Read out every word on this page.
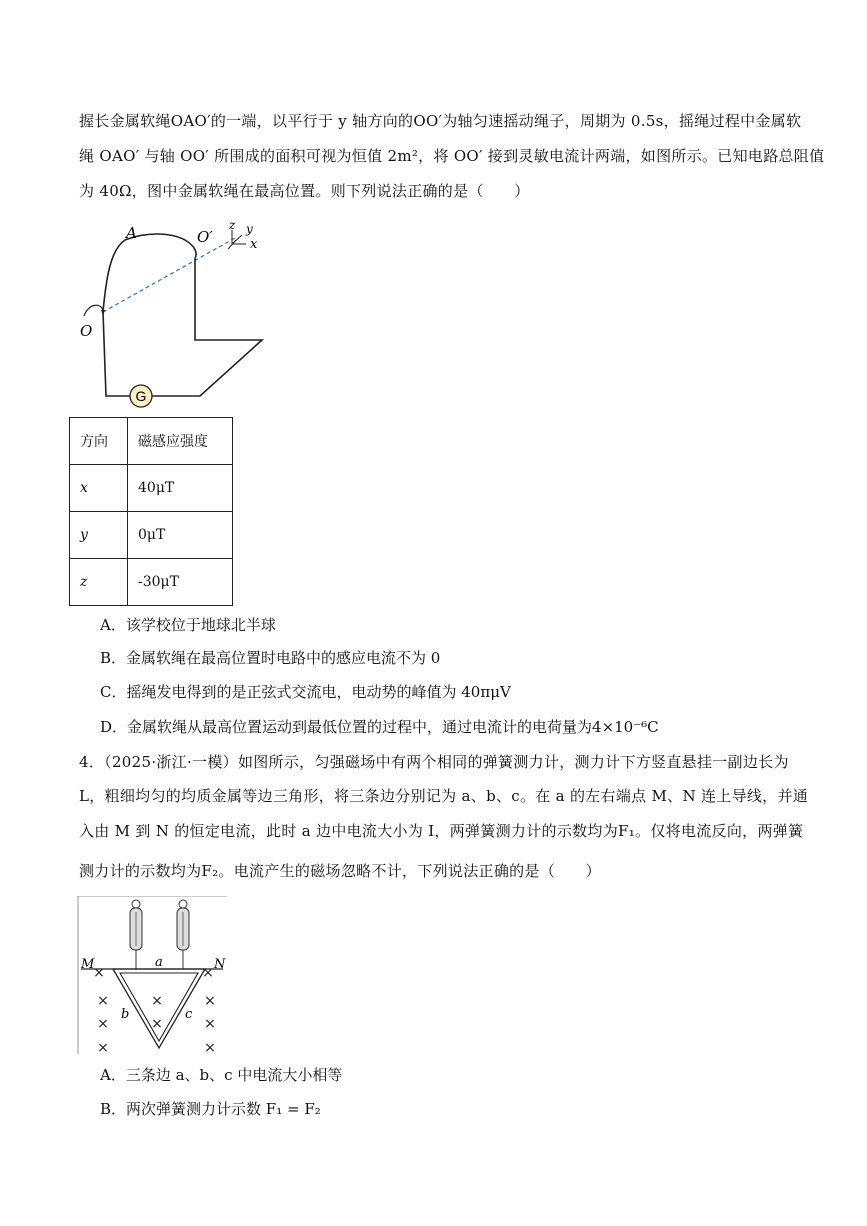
握长金属软绳OAO′的一端，以平行于 y 轴方向的OO′为轴匀速摇动绳子，周期为 0.5s，摇绳过程中金属软
绳 OAO′ 与轴 OO′ 所围成的面积可视为恒值 2m²，将 OO′ 接到灵敏电流计两端，如图所示。已知电路总阻值
为 40Ω，图中金属软绳在最高位置。则下列说法正确的是（　　）
G
A	O′
O
z y
x
方向	磁感应强度
x	40μT
y	0μT
z	-30μT
A．该学校位于地球北半球
B．金属软绳在最高位置时电路中的感应电流不为 0
C．摇绳发电得到的是正弦式交流电，电动势的峰值为 40πμV
D．金属软绳从最高位置运动到最低位置的过程中，通过电流计的电荷量为4×10⁻⁶C
4．（2025·浙江·一模）如图所示，匀强磁场中有两个相同的弹簧测力计，测力计下方竖直悬挂一副边长为
L，粗细均匀的均质金属等边三角形，将三条边分别记为 a、b、c。在 a 的左右端点 M、N 连上导线，并通
入由 M 到 N 的恒定电流，此时 a 边中电流大小为 I，两弹簧测力计的示数均为F₁。仅将电流反向，两弹簧
测力计的示数均为F₂。电流产生的磁场忽略不计，下列说法正确的是（　　）
M	N
a
b	c
×	×
×	×	×
×	×	×
×	×
A．三条边 a、b、c 中电流大小相等
B．两次弹簧测力计示数 F₁ = F₂
